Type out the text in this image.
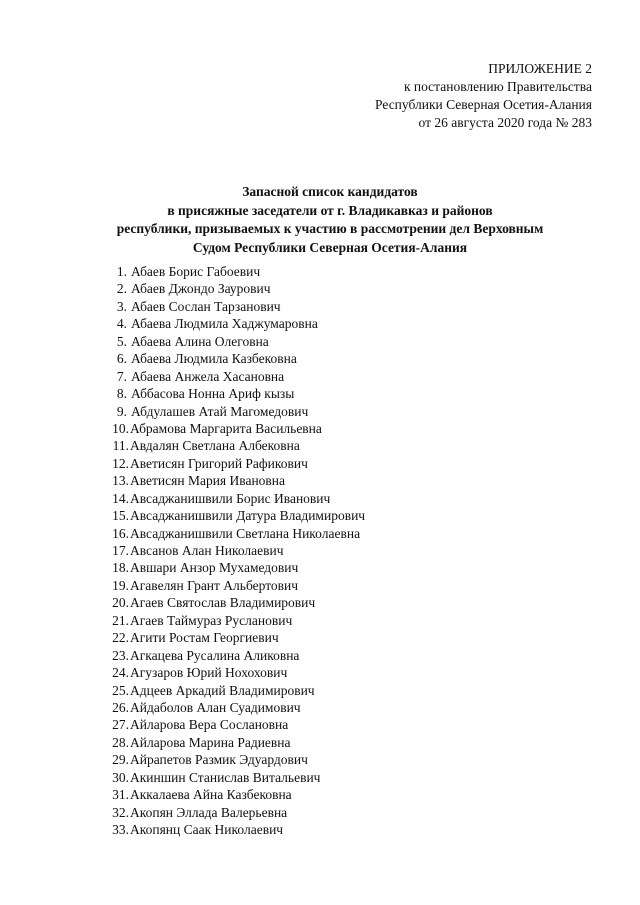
ПРИЛОЖЕНИЕ 2
к постановлению Правительства
Республики Северная Осетия-Алания
от 26 августа 2020 года № 283
Запасной список кандидатов
в присяжные заседатели от г. Владикавказ и районов
республики, призываемых к участию в рассмотрении дел Верховным
Судом Республики Северная Осетия-Алания
1. Абаев Борис Габоевич
2. Абаев Джондо Заурович
3. Абаев Сослан Тарзанович
4. Абаева Людмила Хаджумаровна
5. Абаева Алина Олеговна
6. Абаева Людмила Казбековна
7. Абаева Анжела Хасановна
8. Аббасова Нонна Ариф кызы
9. Абдулашев Атай Магомедович
10. Абрамова Маргарита Васильевна
11. Авдалян Светлана Албековна
12. Аветисян Григорий Рафикович
13. Аветисян Мария Ивановна
14. Авсаджанишвили Борис Иванович
15. Авсаджанишвили Датура Владимирович
16. Авсаджанишвили Светлана Николаевна
17. Авсанов Алан Николаевич
18. Авшари Анзор Мухамедович
19. Агавелян Грант Альбертович
20. Агаев Святослав Владимирович
21. Агаев Таймураз Русланович
22. Агити Ростам Георгиевич
23. Агкацева Русалина Аликовна
24. Агузаров Юрий Нохохович
25. Адцеев Аркадий Владимирович
26. Айдаболов Алан Суадимович
27. Айларова Вера Сослановна
28. Айларова Марина Радиевна
29. Айрапетов Размик Эдуардович
30. Акиншин Станислав Витальевич
31. Аккалаева Айна Казбековна
32. Акопян Эллада Валерьевна
33. Акопянц Саак Николаевич
